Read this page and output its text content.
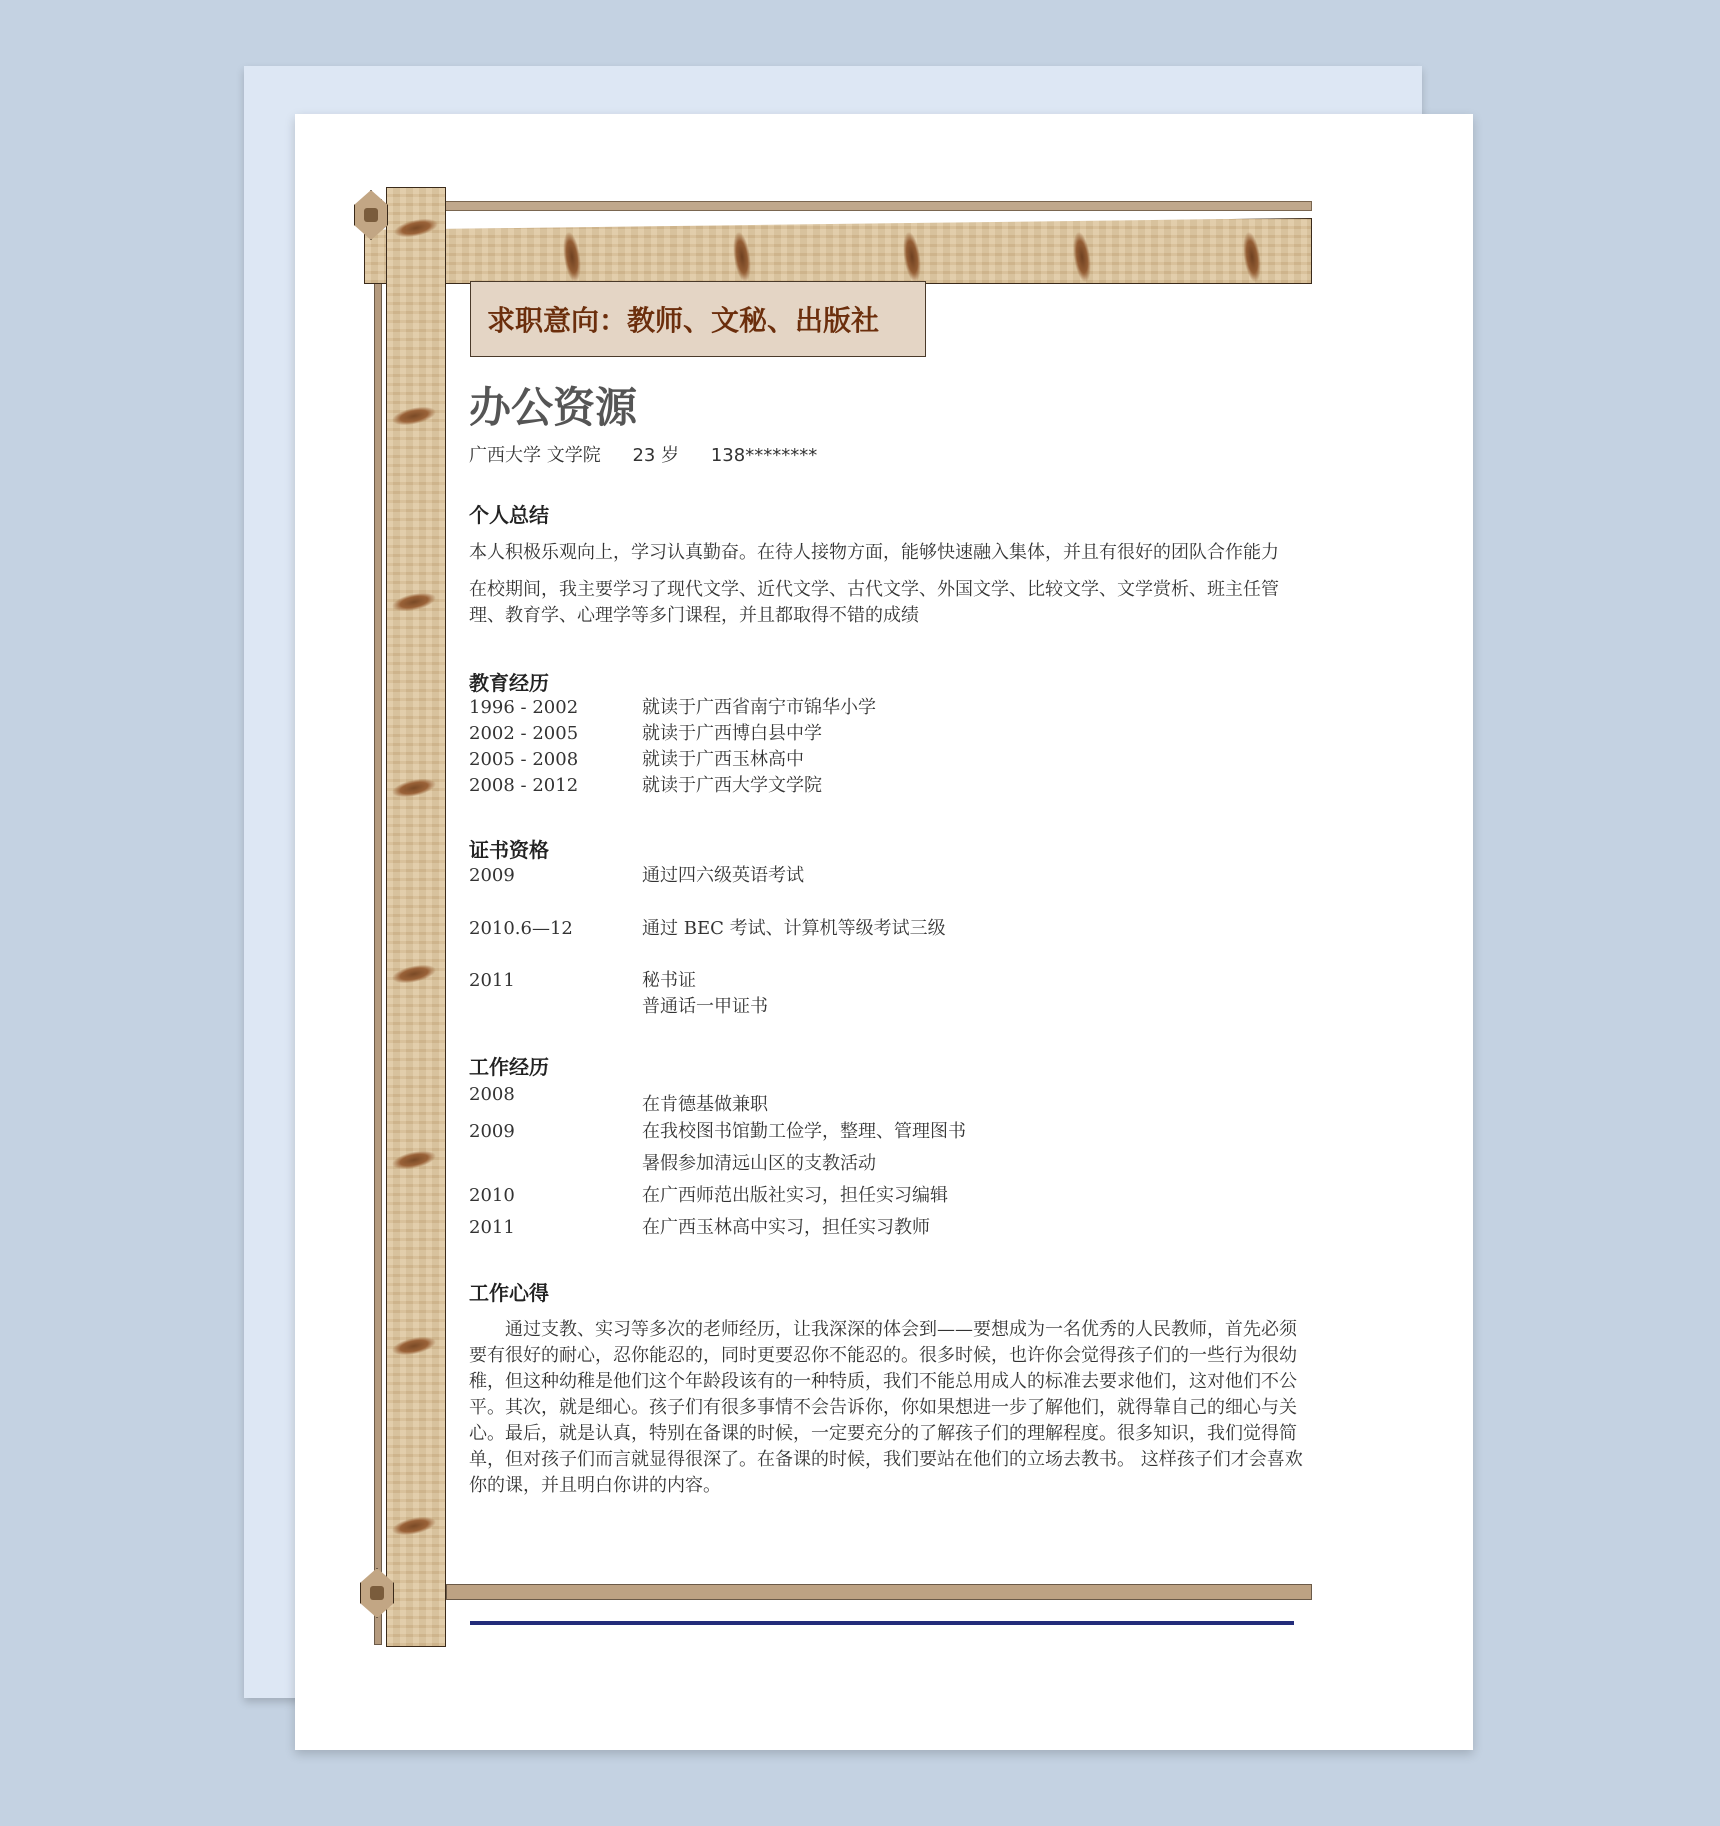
求职意向：教师、文秘、出版社
办公资源
广西大学 文学院 23 岁 138********
个人总结
本人积极乐观向上，学习认真勤奋。在待人接物方面，能够快速融入集体，并且有很好的团队合作能力
在校期间，我主要学习了现代文学、近代文学、古代文学、外国文学、比较文学、文学赏析、班主任管理、教育学、心理学等多门课程，并且都取得不错的成绩
教育经历
1996 - 2002	就读于广西省南宁市锦华小学
2002 - 2005	就读于广西博白县中学
2005 - 2008	就读于广西玉林高中
2008 - 2012	就读于广西大学文学院
证书资格
2009	通过四六级英语考试
2010.6—12	通过 BEC 考试、计算机等级考试三级
2011	秘书证
普通话一甲证书
工作经历
2008	在肯德基做兼职
2009	在我校图书馆勤工俭学，整理、管理图书
暑假参加清远山区的支教活动
2010	在广西师范出版社实习，担任实习编辑
2011	在广西玉林高中实习，担任实习教师
工作心得
通过支教、实习等多次的老师经历，让我深深的体会到——要想成为一名优秀的人民教师，首先必须要有很好的耐心，忍你能忍的，同时更要忍你不能忍的。很多时候，也许你会觉得孩子们的一些行为很幼稚，但这种幼稚是他们这个年龄段该有的一种特质，我们不能总用成人的标准去要求他们，这对他们不公平。其次，就是细心。孩子们有很多事情不会告诉你，你如果想进一步了解他们，就得靠自己的细心与关心。最后，就是认真，特别在备课的时候，一定要充分的了解孩子们的理解程度。很多知识，我们觉得简单，但对孩子们而言就显得很深了。在备课的时候，我们要站在他们的立场去教书。 这样孩子们才会喜欢你的课，并且明白你讲的内容。
